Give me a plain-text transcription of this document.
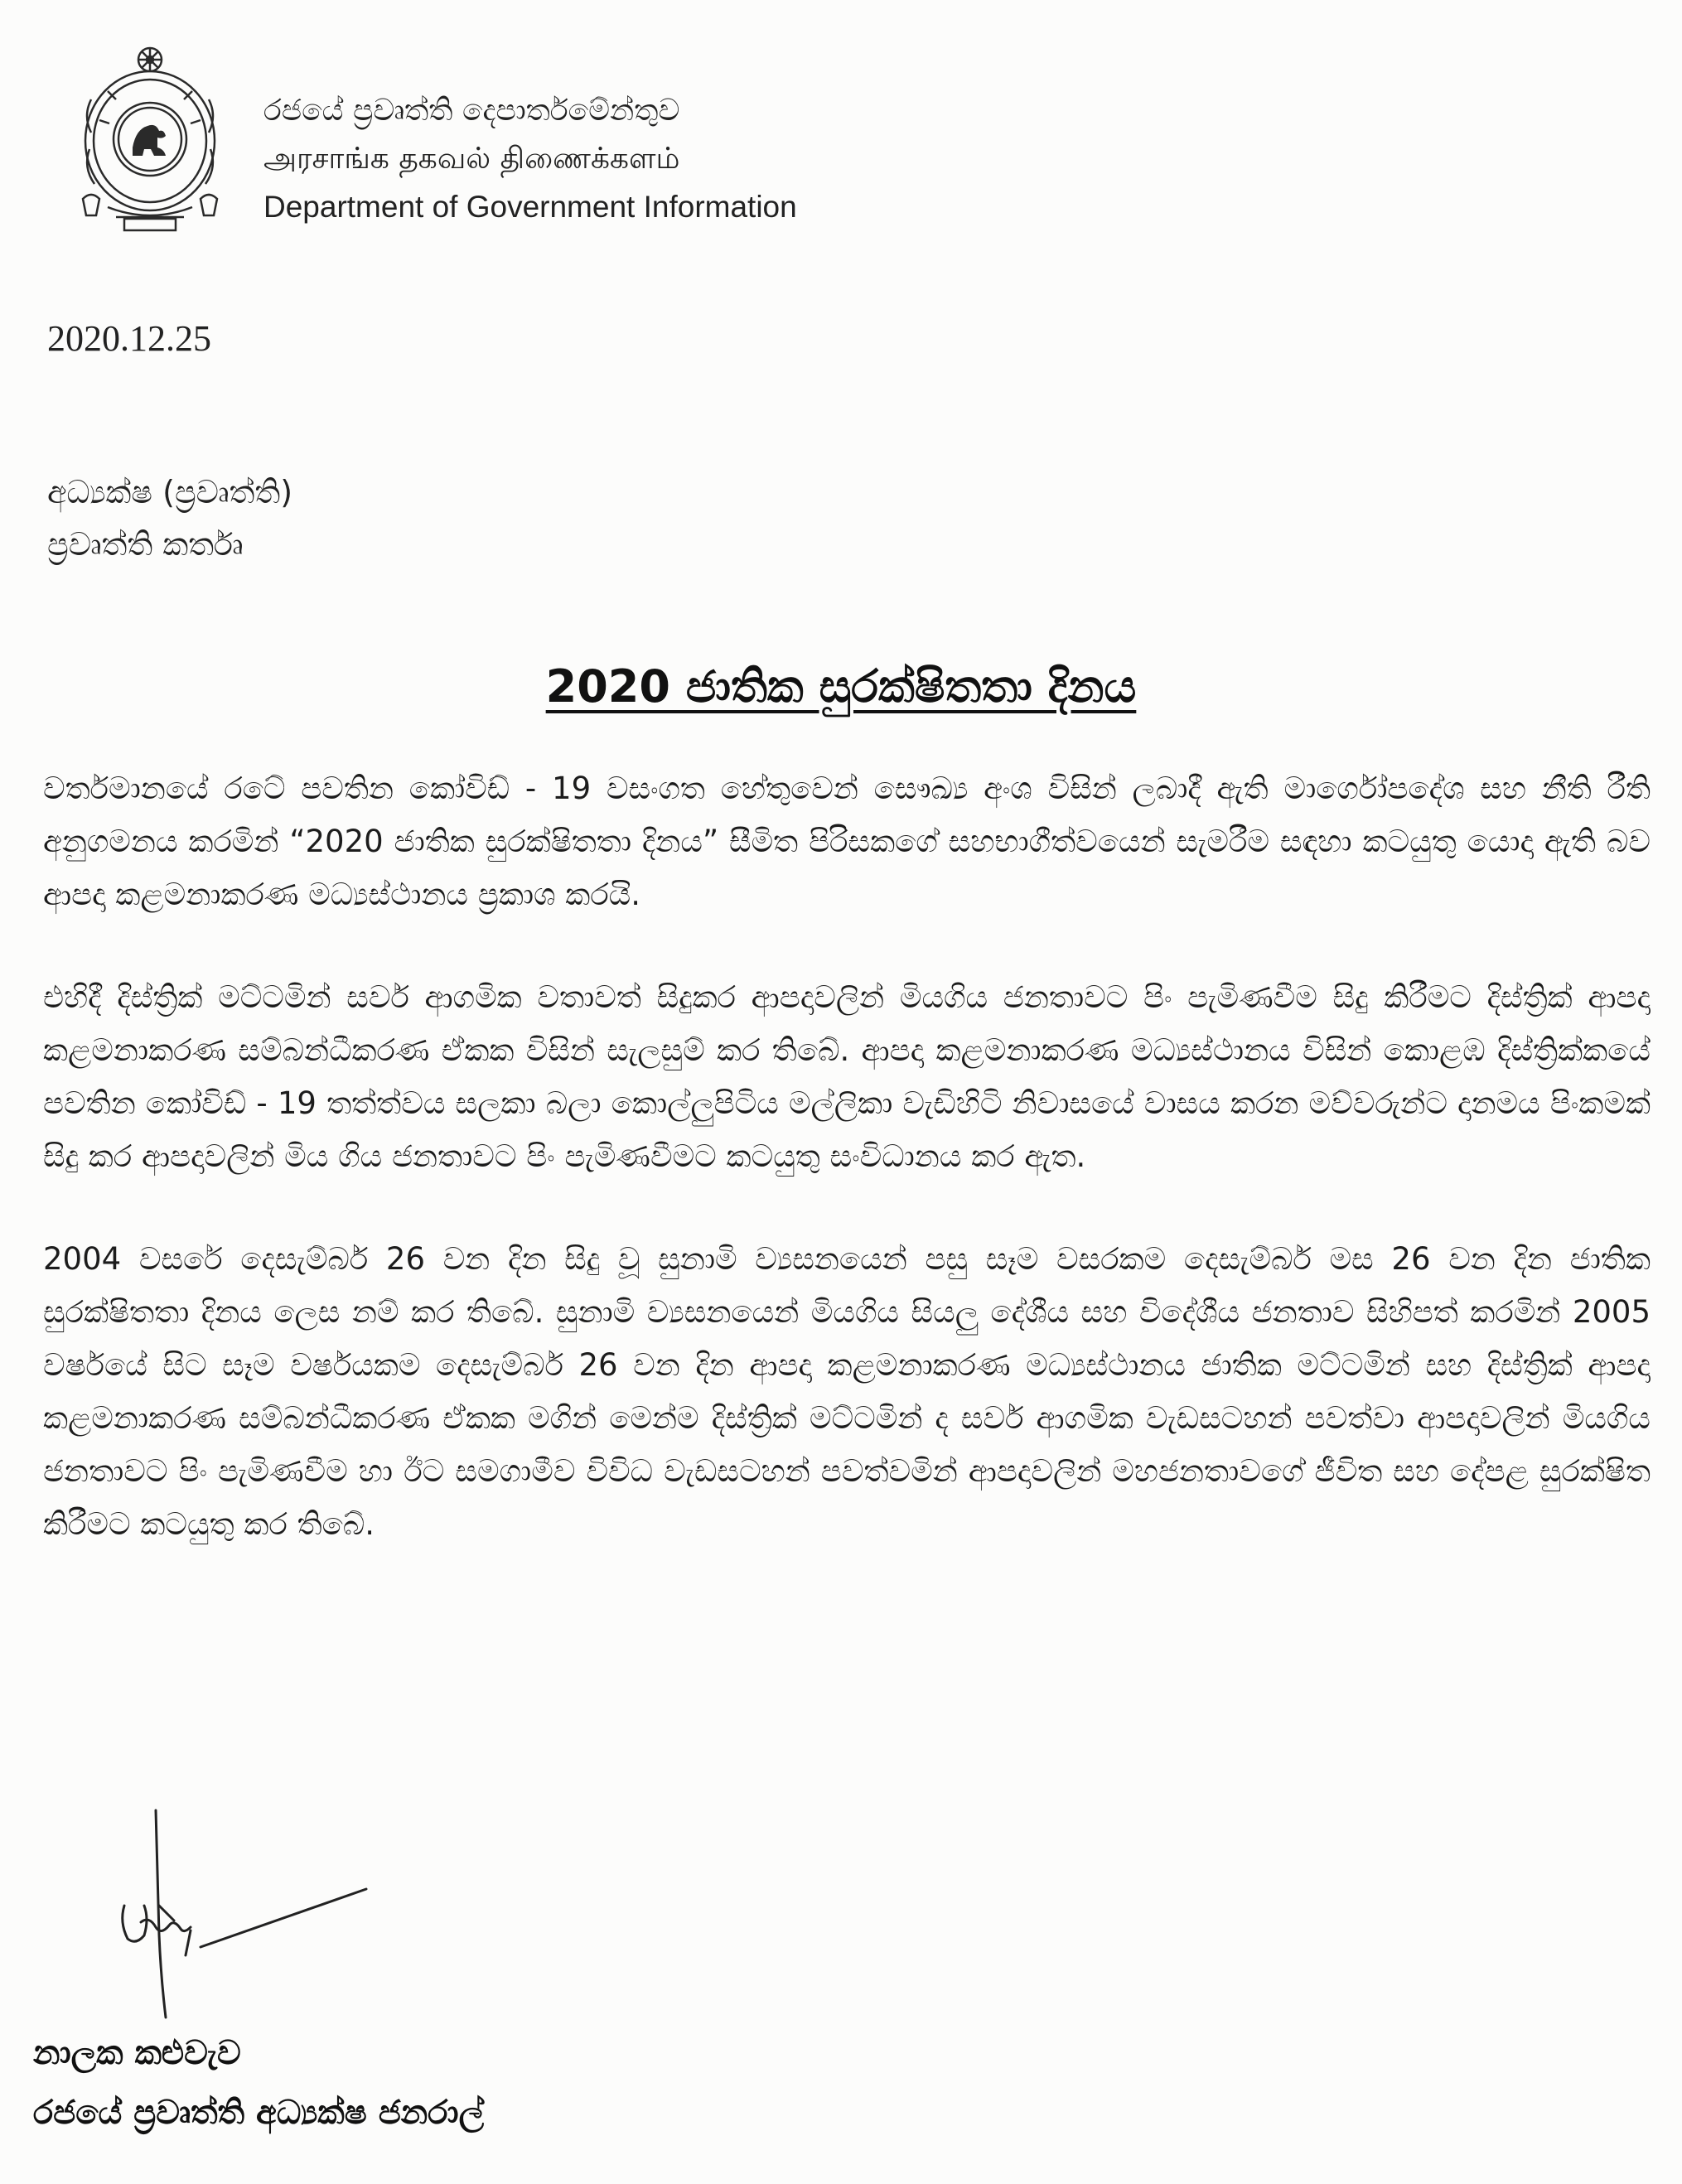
රජයේ ප්‍රවෘත්ති දෙපාර්තමේන්තුව
அரசாங்க தகவல் திணைக்களம்
Department of Government Information
2020.12.25
අධ්‍යක්ෂ (ප්‍රවෘත්ති)
ප්‍රවෘත්ති කර්තෘ
2020 ජාතික සුරක්ෂිතතා දිනය

වර්තමානයේ රටේ පවතින කෝවිඩ් - 19 වසංගත හේතුවෙන් සෞඛ්‍ය අංශ විසින් ලබාදී ඇති මාර්ගෝපදේශ සහ නීති රීති අනුගමනය කරමින් “2020 ජාතික සුරක්ෂිතතා දිනය” සීමිත පිරිසකගේ සහභාගීත්වයෙන් සැමරීම සඳහා කටයුතු යොදා ඇති බව ආපදා කළමනාකරණ මධ්‍යස්ථානය ප්‍රකාශ කරයි.

එහිදී දිස්ත්‍රික් මට්ටමින් සර්ව ආගමික වතාවත් සිදුකර ආපදාවලින් මියගිය ජනතාවට පිං පැමිණවීම සිදු කිරීමට දිස්ත්‍රික් ආපදා කළමනාකරණ සම්බන්ධීකරණ ඒකක විසින් සැලසුම් කර තිබේ. ආපදා කළමනාකරණ මධ්‍යස්ථානය විසින් කොළඹ දිස්ත්‍රික්කයේ පවතින කෝවිඩ් - 19 තත්ත්වය සලකා බලා කොල්ලුපිටිය මල්ලිකා වැඩිහිටි නිවාසයේ වාසය කරන මව්වරුන්ට දානමය පිංකමක් සිදු කර ආපදාවලින් මිය ගිය ජනතාවට පිං පැමිණවීමට කටයුතු සංවිධානය කර ඇත.

2004 වසරේ දෙසැම්බර් 26 වන දින සිදු වූ සුනාමි ව්‍යසනයෙන් පසු සෑම වසරකම දෙසැම්බර් මස 26 වන දින ජාතික සුරක්ෂිතතා දිනය ලෙස නම් කර තිබේ. සුනාමි ව්‍යසනයෙන් මියගිය සියලු දේශීය සහ විදේශීය ජනතාව සිහිපත් කරමින් 2005 වර්ෂයේ සිට සෑම වර්ෂයකම දෙසැම්බර් 26 වන දින ආපදා කළමනාකරණ මධ්‍යස්ථානය ජාතික මට්ටමින් සහ දිස්ත්‍රික් ආපදා කළමනාකරණ සම්බන්ධීකරණ ඒකක මගින් මෙන්ම දිස්ත්‍රික් මට්ටමින් ද සර්ව ආගමික වැඩසටහන් පවත්වා ආපදාවලින් මියගිය ජනතාවට පිං පැමිණවීම හා ඊට සමගාමීව විවිධ වැඩසටහන් පවත්වමින් ආපදාවලින් මහජනතාවගේ ජීවිත සහ දේපළ සුරක්ෂිත කිරීමට කටයුතු කර තිබේ.

නාලක කළුවැව
රජයේ ප්‍රවෘත්ති අධ්‍යක්ෂ ජනරාල්
